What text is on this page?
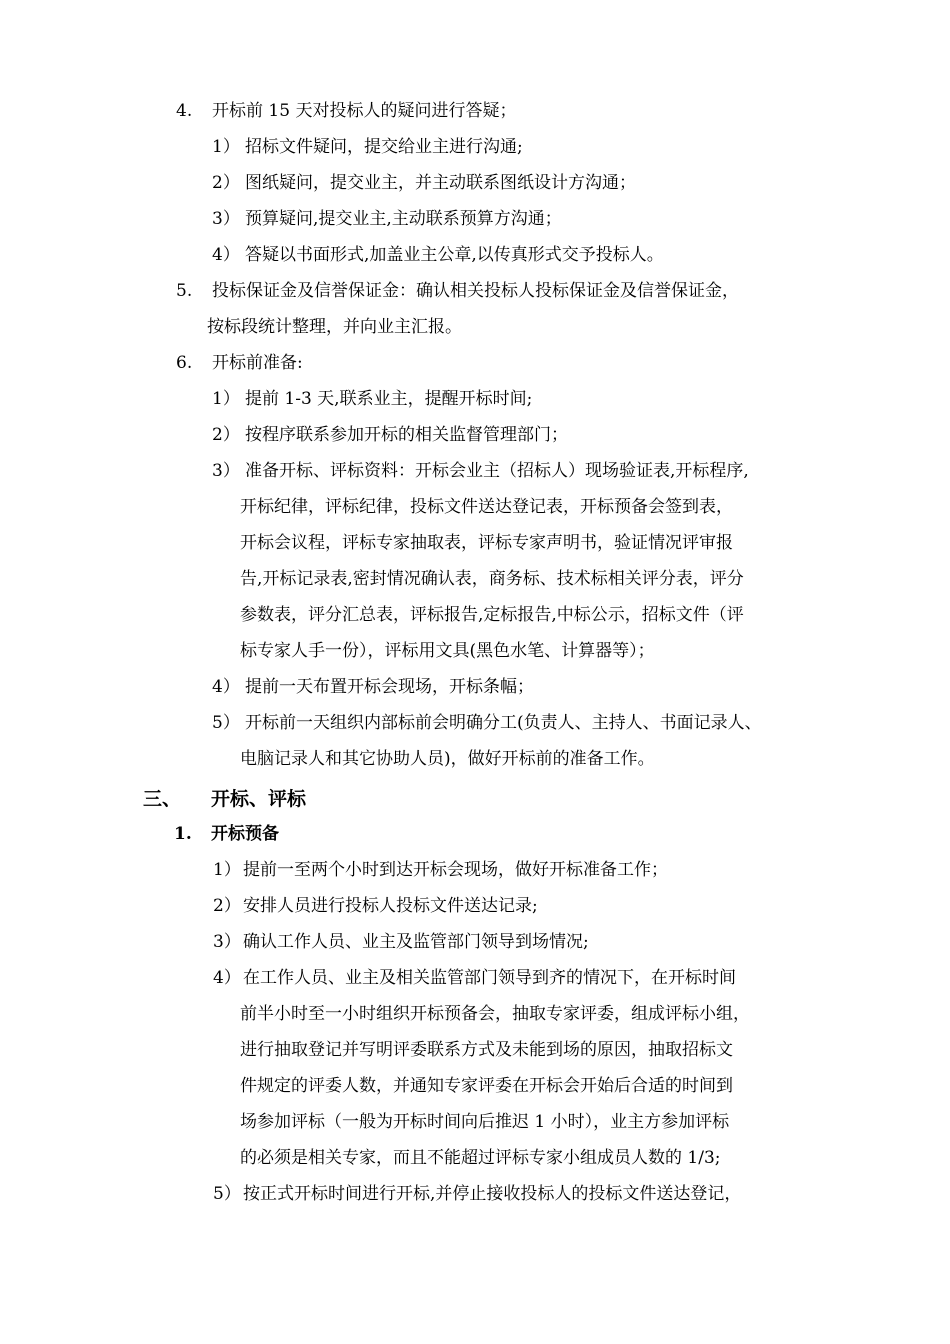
4. 开标前 15 天对投标人的疑问进行答疑；
1） 招标文件疑问，提交给业主进行沟通;
2） 图纸疑问，提交业主，并主动联系图纸设计方沟通；
3） 预算疑问,提交业主,主动联系预算方沟通；
4） 答疑以书面形式,加盖业主公章,以传真形式交予投标人。
5. 投标保证金及信誉保证金：确认相关投标人投标保证金及信誉保证金，
按标段统计整理，并向业主汇报。
6. 开标前准备:
1） 提前 1-3 天,联系业主，提醒开标时间;
2） 按程序联系参加开标的相关监督管理部门；
3） 准备开标、评标资料：开标会业主（招标人）现场验证表,开标程序,
开标纪律，评标纪律，投标文件送达登记表，开标预备会签到表，
开标会议程，评标专家抽取表，评标专家声明书，验证情况评审报
告,开标记录表,密封情况确认表，商务标、技术标相关评分表，评分
参数表，评分汇总表，评标报告,定标报告,中标公示，招标文件（评
标专家人手一份），评标用文具(黑色水笔、计算器等）；
4） 提前一天布置开标会现场，开标条幅；
5） 开标前一天组织内部标前会明确分工(负责人、主持人、书面记录人、
电脑记录人和其它协助人员)，做好开标前的准备工作。
三、 开标、评标
1. 开标预备
1） 提前一至两个小时到达开标会现场，做好开标准备工作；
2） 安排人员进行投标人投标文件送达记录;
3） 确认工作人员、业主及监管部门领导到场情况;
4） 在工作人员、业主及相关监管部门领导到齐的情况下，在开标时间
前半小时至一小时组织开标预备会，抽取专家评委，组成评标小组，
进行抽取登记并写明评委联系方式及未能到场的原因，抽取招标文
件规定的评委人数，并通知专家评委在开标会开始后合适的时间到
场参加评标（一般为开标时间向后推迟 1 小时），业主方参加评标
的必须是相关专家，而且不能超过评标专家小组成员人数的 1/3;
5） 按正式开标时间进行开标,并停止接收投标人的投标文件送达登记，
